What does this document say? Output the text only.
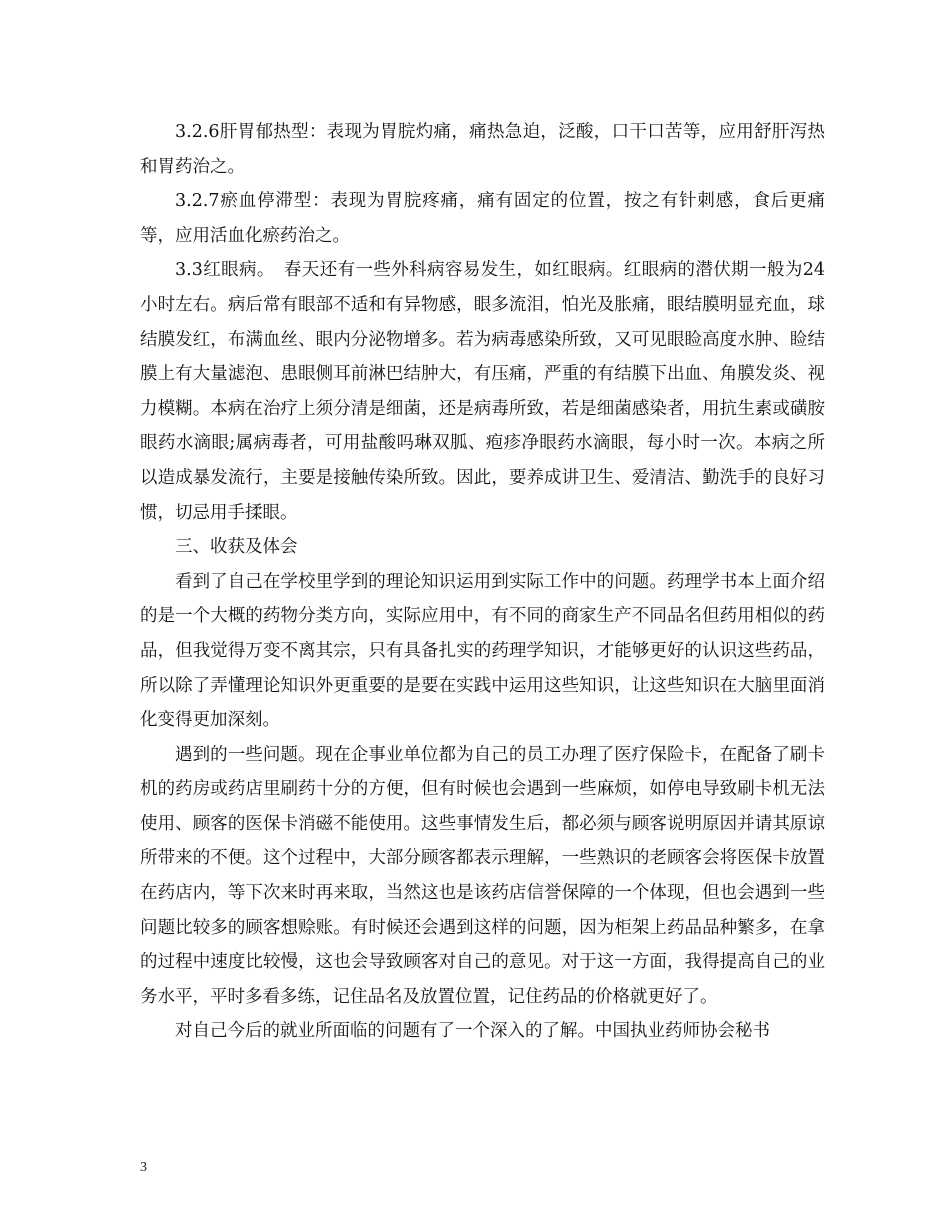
3.2.6肝胃郁热型：表现为胃脘灼痛，痛热急迫，泛酸，口干口苦等，应用舒肝泻热和胃药治之。

3.2.7瘀血停滞型：表现为胃脘疼痛，痛有固定的位置，按之有针刺感，食后更痛等，应用活血化瘀药治之。

3.3红眼病。　春天还有一些外科病容易发生，如红眼病。红眼病的潜伏期一般为24小时左右。病后常有眼部不适和有异物感，眼多流泪，怕光及胀痛，眼结膜明显充血，球结膜发红，布满血丝、眼内分泌物增多。若为病毒感染所致，又可见眼睑高度水肿、睑结膜上有大量滤泡、患眼侧耳前淋巴结肿大，有压痛，严重的有结膜下出血、角膜发炎、视力模糊。本病在治疗上须分清是细菌，还是病毒所致，若是细菌感染者，用抗生素或磺胺眼药水滴眼;属病毒者，可用盐酸吗琳双胍、疱疹净眼药水滴眼，每小时一次。本病之所以造成暴发流行，主要是接触传染所致。因此，要养成讲卫生、爱清洁、勤洗手的良好习惯，切忌用手揉眼。

三、收获及体会

看到了自己在学校里学到的理论知识运用到实际工作中的问题。药理学书本上面介绍的是一个大概的药物分类方向，实际应用中，有不同的商家生产不同品名但药用相似的药品，但我觉得万变不离其宗，只有具备扎实的药理学知识，才能够更好的认识这些药品，所以除了弄懂理论知识外更重要的是要在实践中运用这些知识，让这些知识在大脑里面消化变得更加深刻。

遇到的一些问题。现在企事业单位都为自己的员工办理了医疗保险卡，在配备了刷卡机的药房或药店里刷药十分的方便，但有时候也会遇到一些麻烦，如停电导致刷卡机无法使用、顾客的医保卡消磁不能使用。这些事情发生后，都必须与顾客说明原因并请其原谅所带来的不便。这个过程中，大部分顾客都表示理解，一些熟识的老顾客会将医保卡放置在药店内，等下次来时再来取，当然这也是该药店信誉保障的一个体现，但也会遇到一些问题比较多的顾客想赊账。有时候还会遇到这样的问题，因为柜架上药品品种繁多，在拿的过程中速度比较慢，这也会导致顾客对自己的意见。对于这一方面，我得提高自己的业务水平，平时多看多练，记住品名及放置位置，记住药品的价格就更好了。

对自己今后的就业所面临的问题有了一个深入的了解。中国执业药师协会秘书

3
